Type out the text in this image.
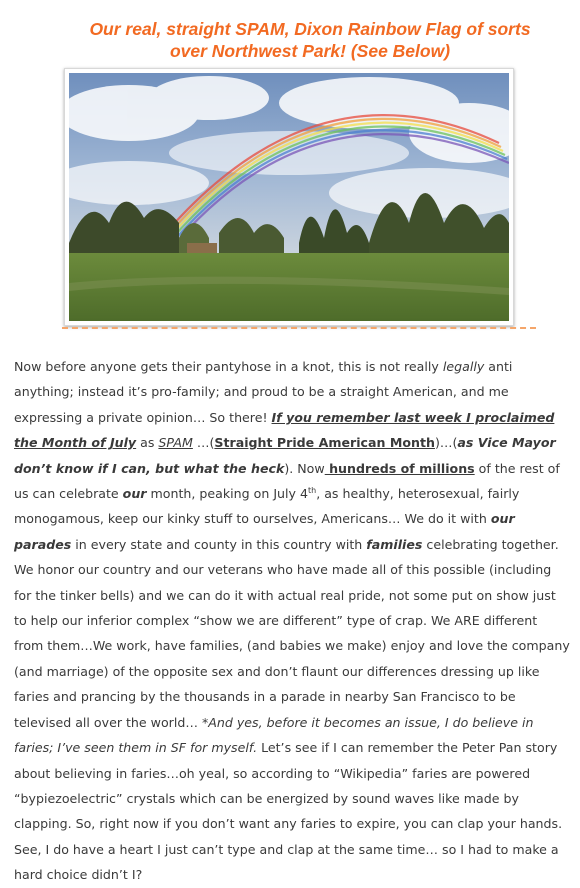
Our real, straight SPAM, Dixon Rainbow Flag of sorts
over Northwest Park! (See Below)

Now before anyone gets their pantyhose in a knot, this is not really legally anti anything; instead it’s pro-family; and proud to be a straight American, and me expressing a private opinion… So there! If you remember last week I proclaimed the Month of July as SPAM …(Straight Pride American Month)…(as Vice Mayor don’t know if I can, but what the heck). Now hundreds of millions of the rest of us can celebrate our month, peaking on July 4th, as healthy, heterosexual, fairly monogamous, keep our kinky stuff to ourselves, Americans… We do it with our parades in every state and county in this country with families celebrating together. We honor our country and our veterans who have made all of this possible (including for the tinker bells) and we can do it with actual real pride, not some put on show just to help our inferior complex “show we are different” type of crap. We ARE different from them…We work, have families, (and babies we make) enjoy and love the company (and marriage) of the opposite sex and don’t flaunt our differences dressing up like faries and prancing by the thousands in a parade in nearby San Francisco to be televised all over the world… *And yes, before it becomes an issue, I do believe in faries; I’ve seen them in SF for myself. Let’s see if I can remember the Peter Pan story about believing in faries…oh yeal, so according to “Wikipedia” faries are powered “bypiezoelectric” crystals which can be energized by sound waves like made by clapping. So, right now if you don’t want any faries to expire, you can clap your hands. See, I do have a heart I just can’t type and clap at the same time… so I had to make a hard choice didn’t I?
